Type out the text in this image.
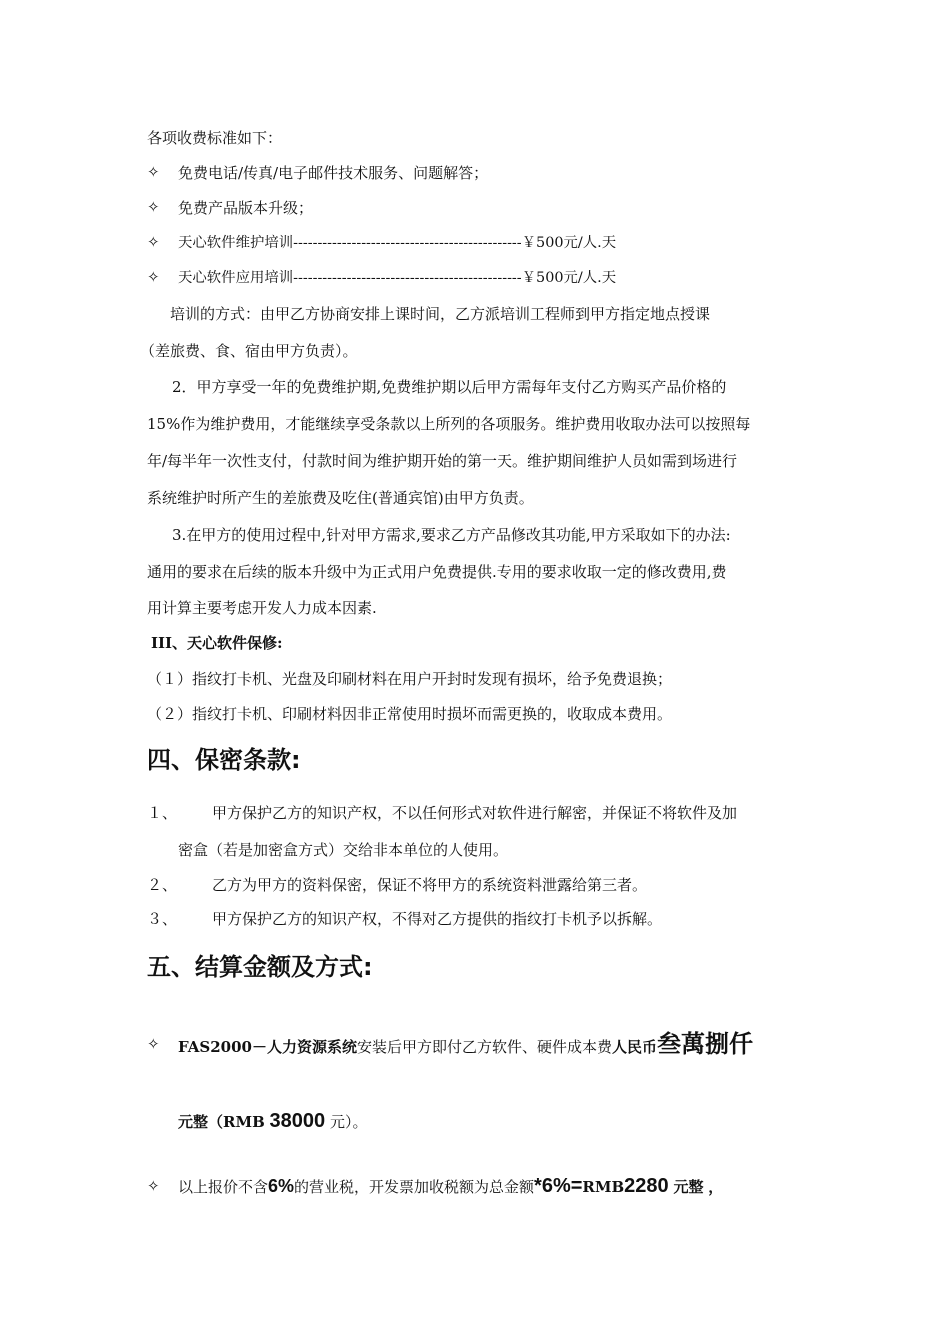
各项收费标准如下：
✧ 免费电话/传真/电子邮件技术服务、问题解答；
✧ 免费产品版本升级；
✧ 天心软件维护培训-----------------------------------------------￥500元/人.天
✧ 天心软件应用培训-----------------------------------------------￥500元/人.天
培训的方式：由甲乙方协商安排上课时间，乙方派培训工程师到甲方指定地点授课
（差旅费、食、宿由甲方负责）。
2．甲方享受一年的免费维护期,免费维护期以后甲方需每年支付乙方购买产品价格的
15%作为维护费用，才能继续享受条款以上所列的各项服务。维护费用收取办法可以按照每
年/每半年一次性支付，付款时间为维护期开始的第一天。维护期间维护人员如需到场进行
系统维护时所产生的差旅费及吃住(普通宾馆)由甲方负责。
3.在甲方的使用过程中,针对甲方需求,要求乙方产品修改其功能,甲方采取如下的办法:
通用的要求在后续的版本升级中为正式用户免费提供.专用的要求收取一定的修改费用,费
用计算主要考虑开发人力成本因素.
III、天心软件保修:
（１）指纹打卡机、光盘及印刷材料在用户开封时发现有损坏，给予免费退换；
（２）指纹打卡机、印刷材料因非正常使用时损坏而需更换的，收取成本费用。
四、保密条款:
１、 甲方保护乙方的知识产权，不以任何形式对软件进行解密，并保证不将软件及加
密盒（若是加密盒方式）交给非本单位的人使用。
２、 乙方为甲方的资料保密，保证不将甲方的系统资料泄露给第三者。
３、 甲方保护乙方的知识产权，不得对乙方提供的指纹打卡机予以拆解。
五、结算金额及方式:
✧ FAS2000－人力资源系统安装后甲方即付乙方软件、硬件成本费人民币叁萬捌仟
元整（RMB 38000 元）。
✧ 以上报价不含6%的营业税，开发票加收税额为总金额*6%=RMB2280 元整 ，
